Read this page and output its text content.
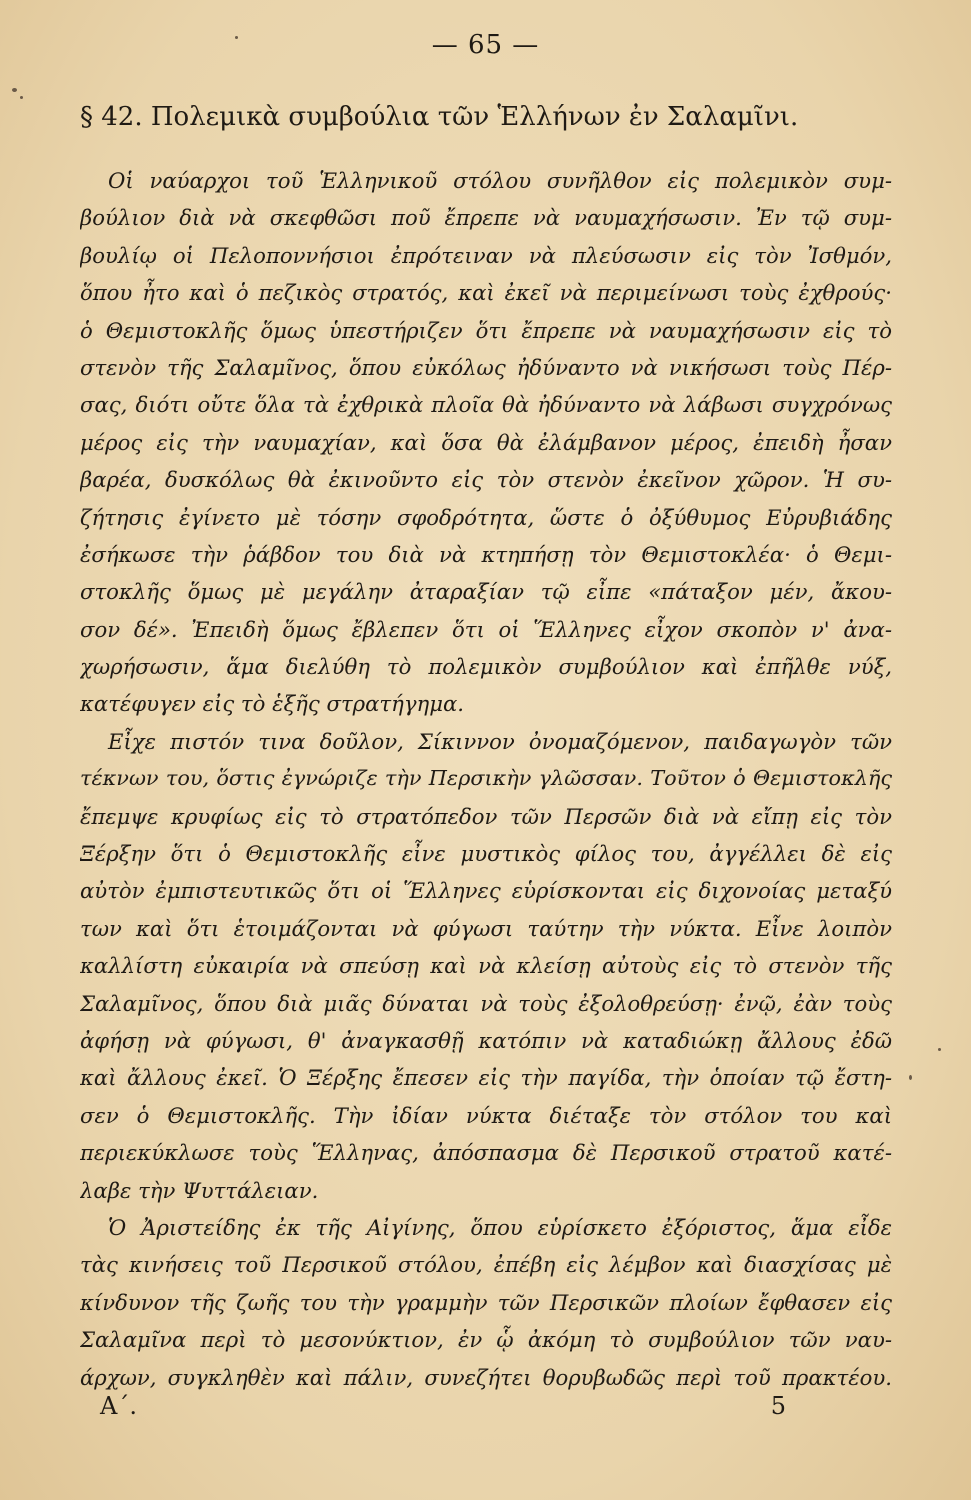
— 65 —
§ 42. Πολεμικὰ συμβούλια τῶν Ἑλλήνων ἐν Σαλαμῖνι.
Οἱ ναύαρχοι τοῦ Ἑλληνικοῦ στόλου συνῆλθον εἰς πολεμικὸν συμ-
βούλιον διὰ νὰ σκεφθῶσι ποῦ ἔπρεπε νὰ ναυμαχήσωσιν. Ἐν τῷ συμ-
βουλίῳ οἱ Πελοποννήσιοι ἐπρότειναν νὰ πλεύσωσιν εἰς τὸν Ἰσθμόν,
ὅπου ἦτο καὶ ὁ πεζικὸς στρατός, καὶ ἐκεῖ νὰ περιμείνωσι τοὺς ἐχθρούς·
ὁ Θεμιστοκλῆς ὅμως ὑπεστήριζεν ὅτι ἔπρεπε νὰ ναυμαχήσωσιν εἰς τὸ
στενὸν τῆς Σαλαμῖνος, ὅπου εὐκόλως ἠδύναντο νὰ νικήσωσι τοὺς Πέρ-
σας, διότι οὔτε ὅλα τὰ ἐχθρικὰ πλοῖα θὰ ἠδύναντο νὰ λάβωσι συγχρόνως
μέρος εἰς τὴν ναυμαχίαν, καὶ ὅσα θὰ ἐλάμβανον μέρος, ἐπειδὴ ἦσαν
βαρέα, δυσκόλως θὰ ἐκινοῦντο εἰς τὸν στενὸν ἐκεῖνον χῶρον. Ἡ συ-
ζήτησις ἐγίνετο μὲ τόσην σφοδρότητα, ὥστε ὁ ὀξύθυμος Εὐρυβιάδης
ἐσήκωσε τὴν ῥάβδον του διὰ νὰ κτηπήσῃ τὸν Θεμιστοκλέα· ὁ Θεμι-
στοκλῆς ὅμως μὲ μεγάλην ἀταραξίαν τῷ εἶπε «πάταξον μέν, ἄκου-
σον δέ». Ἐπειδὴ ὅμως ἔβλεπεν ὅτι οἱ Ἕλληνες εἶχον σκοπὸν ν' ἀνα-
χωρήσωσιν, ἅμα διελύθη τὸ πολεμικὸν συμβούλιον καὶ ἐπῆλθε νύξ,
κατέφυγεν εἰς τὸ ἑξῆς στρατήγημα.
Εἶχε πιστόν τινα δοῦλον, Σίκιννον ὀνομαζόμενον, παιδαγωγὸν τῶν
τέκνων του, ὅστις ἐγνώριζε τὴν Περσικὴν γλῶσσαν. Τοῦτον ὁ Θεμιστοκλῆς
ἔπεμψε κρυφίως εἰς τὸ στρατόπεδον τῶν Περσῶν διὰ νὰ εἴπῃ εἰς τὸν
Ξέρξην ὅτι ὁ Θεμιστοκλῆς εἶνε μυστικὸς φίλος του, ἀγγέλλει δὲ εἰς
αὐτὸν ἐμπιστευτικῶς ὅτι οἱ Ἕλληνες εὑρίσκονται εἰς διχονοίας μεταξύ
των καὶ ὅτι ἑτοιμάζονται νὰ φύγωσι ταύτην τὴν νύκτα. Εἶνε λοιπὸν
καλλίστη εὐκαιρία νὰ σπεύσῃ καὶ νὰ κλείσῃ αὐτοὺς εἰς τὸ στενὸν τῆς
Σαλαμῖνος, ὅπου διὰ μιᾶς δύναται νὰ τοὺς ἐξολοθρεύσῃ· ἐνῷ, ἐὰν τοὺς
ἀφήσῃ νὰ φύγωσι, θ' ἀναγκασθῇ κατόπιν νὰ καταδιώκῃ ἄλλους ἐδῶ
καὶ ἄλλους ἐκεῖ. Ὁ Ξέρξης ἔπεσεν εἰς τὴν παγίδα, τὴν ὁποίαν τῷ ἔστη-
σεν ὁ Θεμιστοκλῆς. Τὴν ἰδίαν νύκτα διέταξε τὸν στόλον του καὶ
περιεκύκλωσε τοὺς Ἕλληνας, ἀπόσπασμα δὲ Περσικοῦ στρατοῦ κατέ-
λαβε τὴν Ψυττάλειαν.
Ὁ Ἀριστείδης ἐκ τῆς Αἰγίνης, ὅπου εὑρίσκετο ἐξόριστος, ἅμα εἶδε
τὰς κινήσεις τοῦ Περσικοῦ στόλου, ἐπέβη εἰς λέμβον καὶ διασχίσας μὲ
κίνδυνον τῆς ζωῆς του τὴν γραμμὴν τῶν Περσικῶν πλοίων ἔφθασεν εἰς
Σαλαμῖνα περὶ τὸ μεσονύκτιον, ἐν ᾧ ἀκόμη τὸ συμβούλιον τῶν ναυ-
άρχων, συγκληθὲν καὶ πάλιν, συνεζήτει θορυβωδῶς περὶ τοῦ πρακτέου.
Α΄.	5
